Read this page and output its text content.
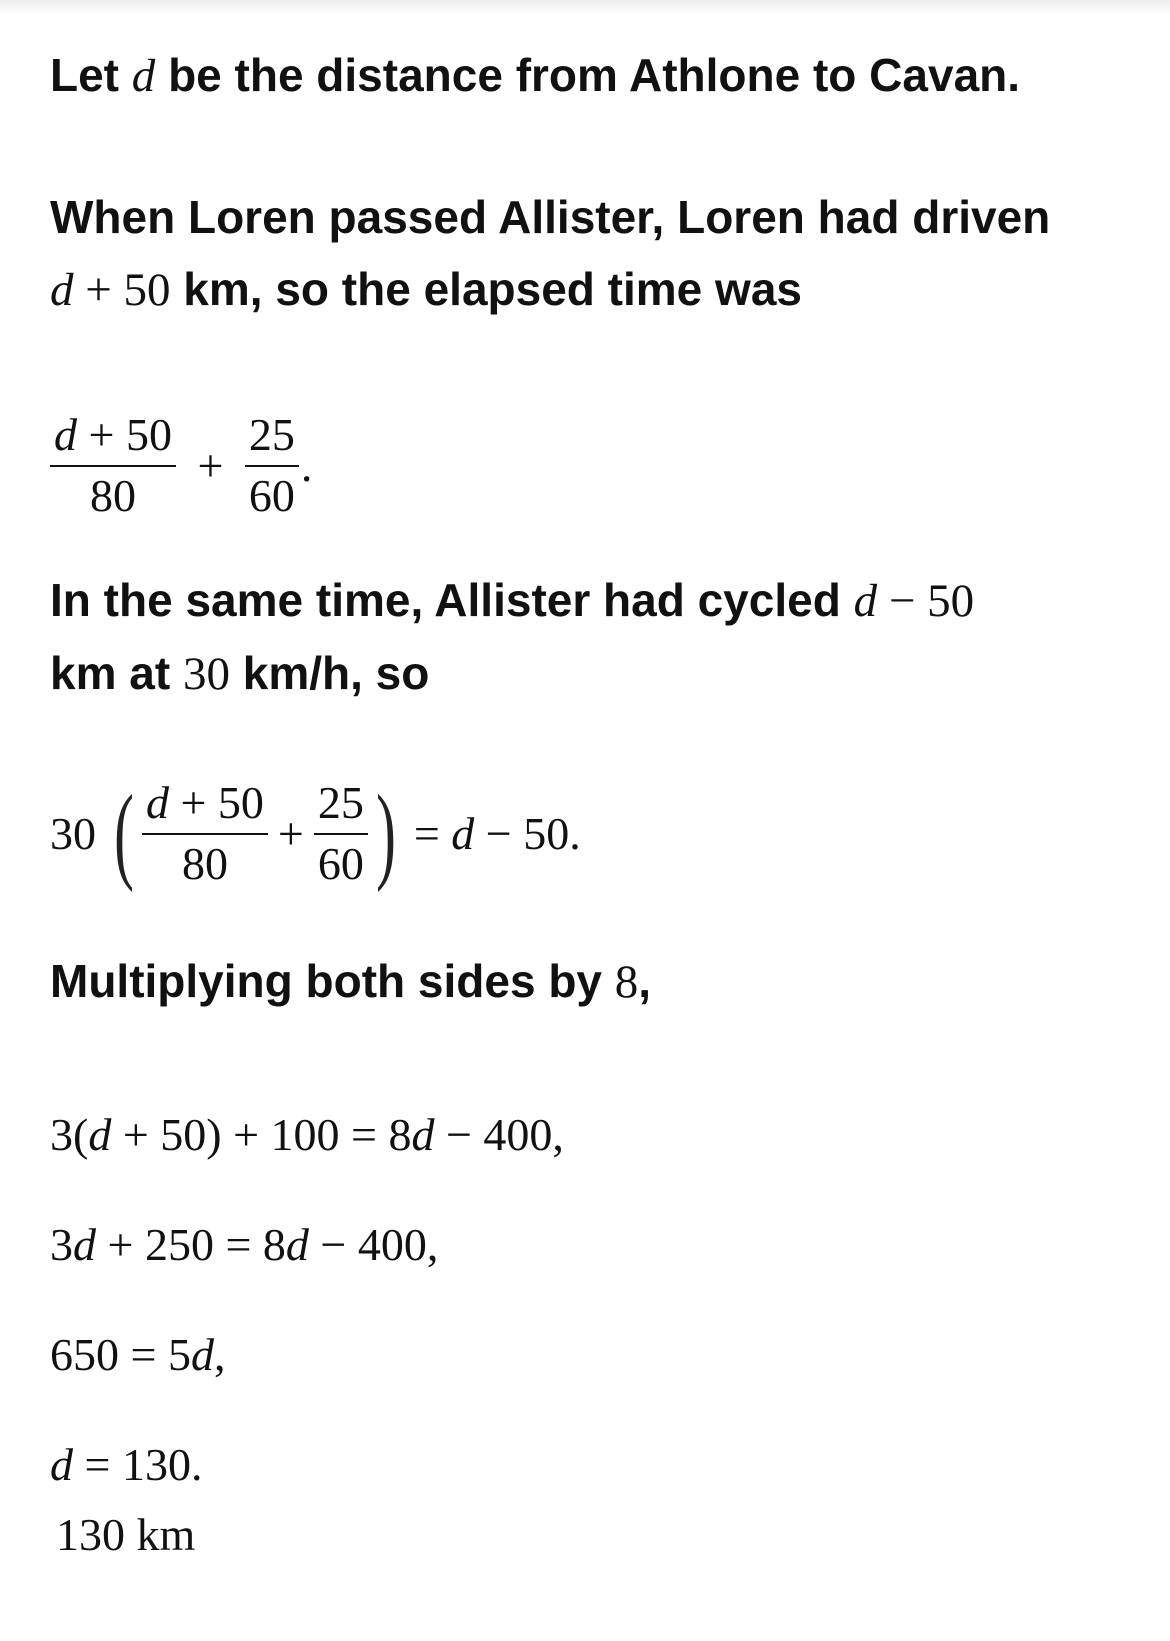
Let d be the distance from Athlone to Cavan.
When Loren passed Allister, Loren had driven
d + 50 km, so the elapsed time was
$\frac{d + 50}{80} + \frac{25}{60}$ .
In the same time, Allister had cycled d − 50
km at 30 km/h, so
30 ( $\frac{d + 50}{80} + \frac{25}{60}$ ) = d − 50.
Multiplying both sides by 8,
3(d + 50) + 100 = 8d − 400,
3d + 250 = 8d − 400,
650 = 5d,
d = 130.
130 km
